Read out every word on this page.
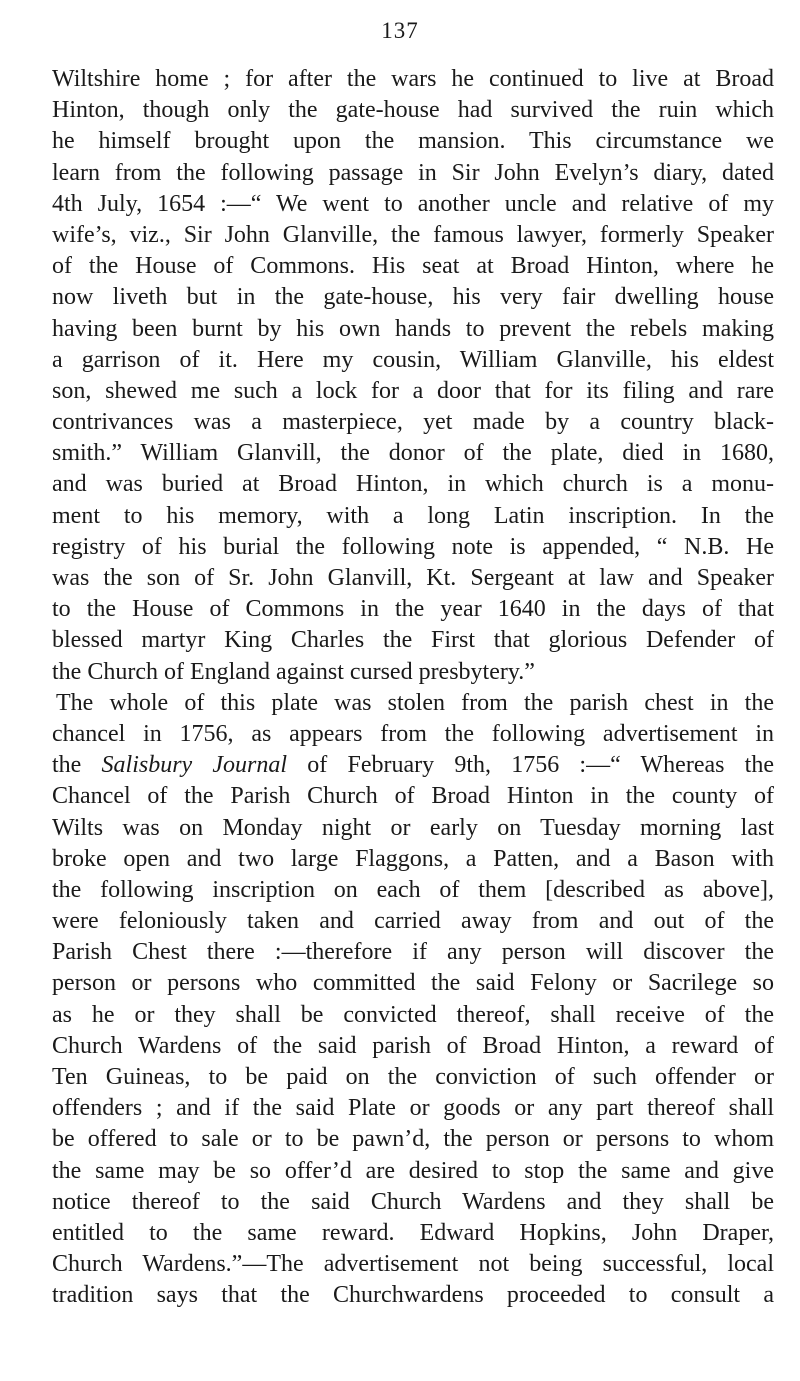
137
Wiltshire home ; for after the wars he continued to live at Broad
Hinton, though only the gate-house had survived the ruin which
he himself brought upon the mansion. This circumstance we
learn from the following passage in Sir John Evelyn’s diary, dated
4th July, 1654 :—“ We went to another uncle and relative of my
wife’s, viz., Sir John Glanville, the famous lawyer, formerly Speaker
of the House of Commons. His seat at Broad Hinton, where he
now liveth but in the gate-house, his very fair dwelling house
having been burnt by his own hands to prevent the rebels making
a garrison of it. Here my cousin, William Glanville, his eldest
son, shewed me such a lock for a door that for its filing and rare
contrivances was a masterpiece, yet made by a country black-
smith.” William Glanvill, the donor of the plate, died in 1680,
and was buried at Broad Hinton, in which church is a monu-
ment to his memory, with a long Latin inscription. In the
registry of his burial the following note is appended, “ N.B. He
was the son of Sr. John Glanvill, Kt. Sergeant at law and Speaker
to the House of Commons in the year 1640 in the days of that
blessed martyr King Charles the First that glorious Defender of
the Church of England against cursed presbytery.”
The whole of this plate was stolen from the parish chest in the
chancel in 1756, as appears from the following advertisement in
the Salisbury Journal of February 9th, 1756 :—“ Whereas the
Chancel of the Parish Church of Broad Hinton in the county of
Wilts was on Monday night or early on Tuesday morning last
broke open and two large Flaggons, a Patten, and a Bason with
the following inscription on each of them [described as above],
were feloniously taken and carried away from and out of the
Parish Chest there :—therefore if any person will discover the
person or persons who committed the said Felony or Sacrilege so
as he or they shall be convicted thereof, shall receive of the
Church Wardens of the said parish of Broad Hinton, a reward of
Ten Guineas, to be paid on the conviction of such offender or
offenders ; and if the said Plate or goods or any part thereof shall
be offered to sale or to be pawn’d, the person or persons to whom
the same may be so offer’d are desired to stop the same and give
notice thereof to the said Church Wardens and they shall be
entitled to the same reward. Edward Hopkins, John Draper,
Church Wardens.”—The advertisement not being successful, local
tradition says that the Churchwardens proceeded to consult a
